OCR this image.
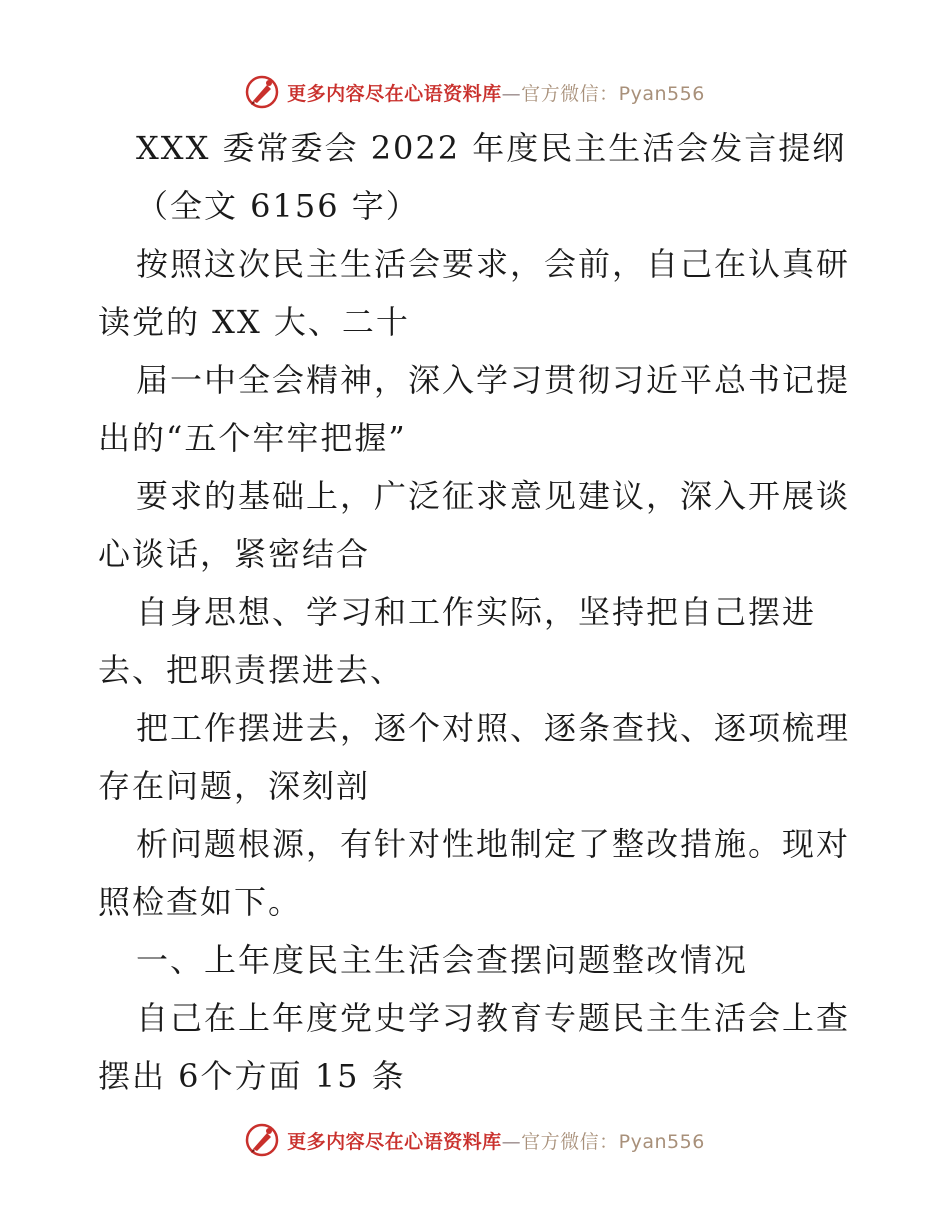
更多内容尽在心语资料库—官方微信：Pyan556
XXX 委常委会 2022 年度民主生活会发言提纲
（全文 6156 字）
按照这次民主生活会要求，会前，自己在认真研
读党的 XX 大、二十
届一中全会精神，深入学习贯彻习近平总书记提
出的“五个牢牢把握”
要求的基础上，广泛征求意见建议，深入开展谈
心谈话，紧密结合
自身思想、学习和工作实际，坚持把自己摆进
去、把职责摆进去、
把工作摆进去，逐个对照、逐条查找、逐项梳理
存在问题，深刻剖
析问题根源，有针对性地制定了整改措施。现对
照检查如下。
一、上年度民主生活会查摆问题整改情况
自己在上年度党史学习教育专题民主生活会上查
摆出 6个方面 15 条
更多内容尽在心语资料库—官方微信：Pyan556
